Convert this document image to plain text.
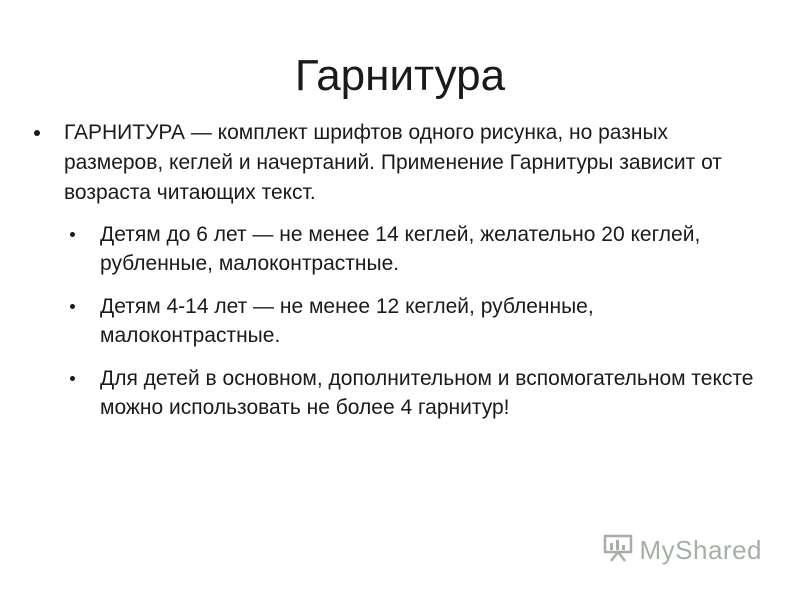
Гарнитура
ГАРНИТУРА — комплект шрифтов одного рисунка, но разных размеров, кеглей и начертаний. Применение Гарнитуры зависит от возраста читающих текст.
Детям до 6 лет — не менее 14 кеглей, желательно 20 кеглей, рубленные, малоконтрастные.
Детям 4-14 лет — не менее 12 кеглей, рубленные, малоконтрастные.
Для детей в основном, дополнительном и вспомогательном тексте можно использовать не более 4 гарнитур!
MyShared
